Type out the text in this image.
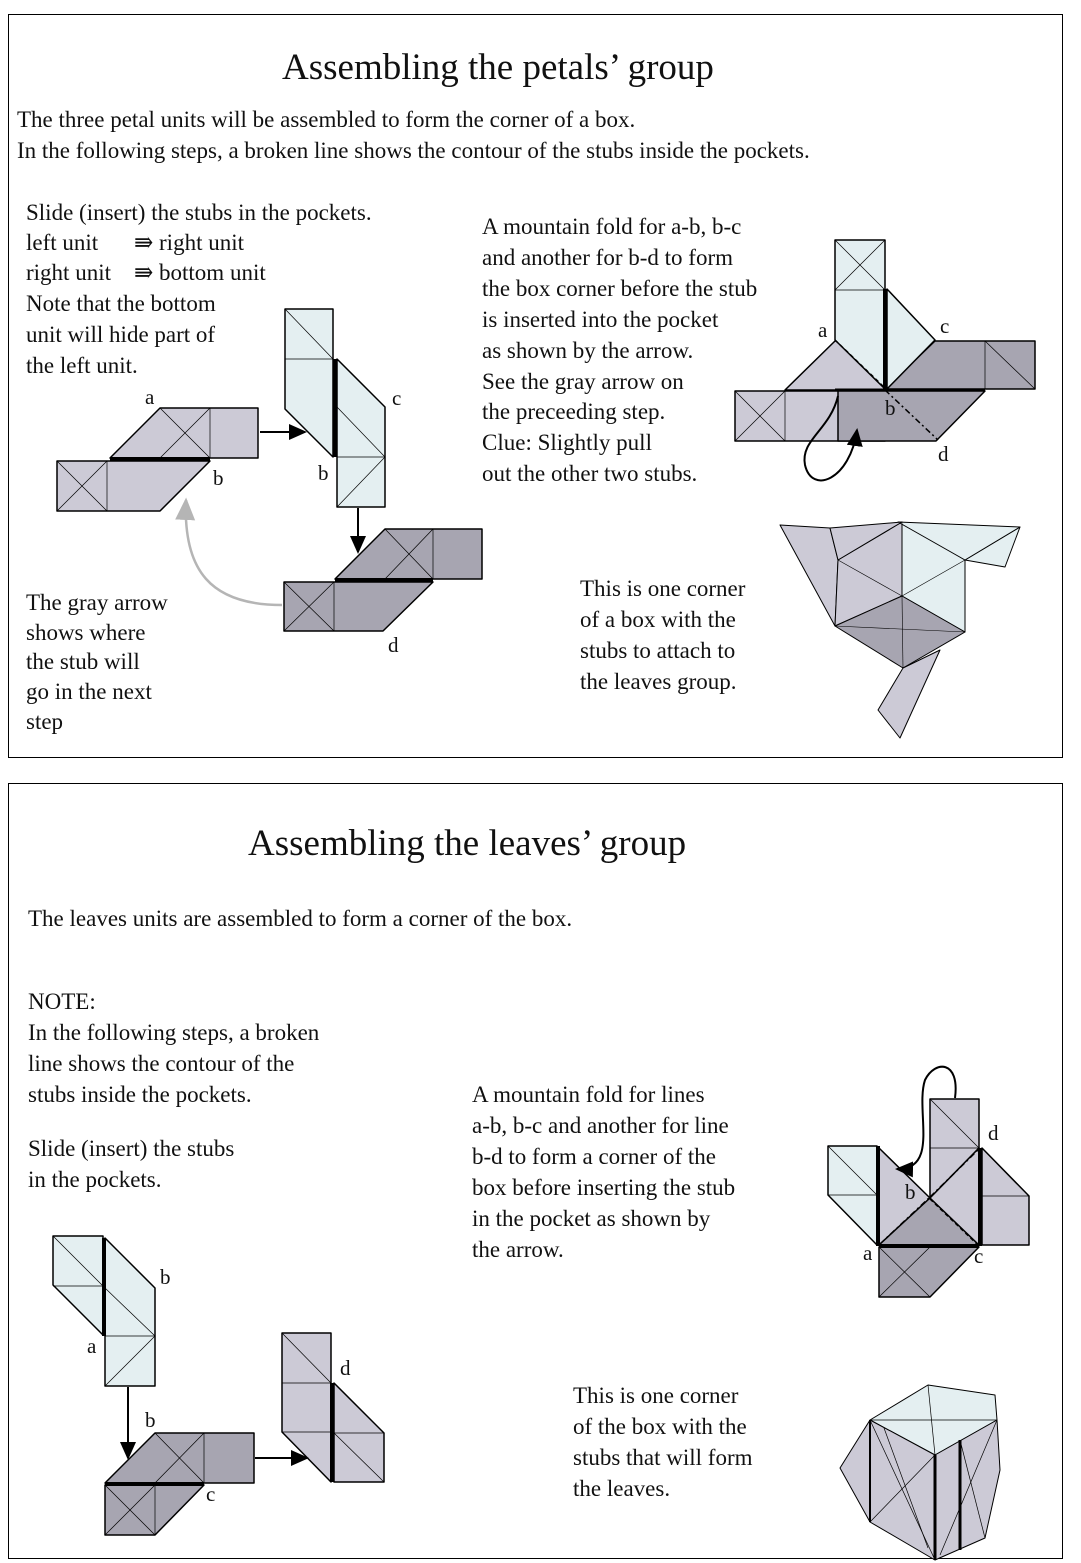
Assembling the petals’ group
The three petal units will be assembled to form the corner of a box.
In the following steps, a broken line shows the contour of the stubs inside the pockets.
Slide (insert) the stubs in the pockets.
left unit ⇛ right unit
right unit ⇛ bottom unit
Note that the bottom
unit will hide part of
the left unit.
The gray arrow
shows where
the stub will
go in the next
step
A mountain fold for a-b, b-c
and another for b-d to form
the box corner before the stub
is inserted into the pocket
as shown by the arrow.
See the gray arrow on
the preceeding step.
Clue: Slightly pull
out the other two stubs.
This is one corner
of a box with the
stubs to attach to
the leaves group.
Assembling the leaves’ group
The leaves units are assembled to form a corner of the box.
NOTE:
In the following steps, a broken
line shows the contour of the
stubs inside the pockets.
Slide (insert) the stubs
in the pockets.
A mountain fold for lines
a-b, b-c and another for line
b-d to form a corner of the
box before inserting the stub
in the pocket as shown by
the arrow.
This is one corner
of the box with the
stubs that will form
the leaves.
a
b	b
c
d
a
b
c
d
b
a
b
c
d
b
d
a	c
